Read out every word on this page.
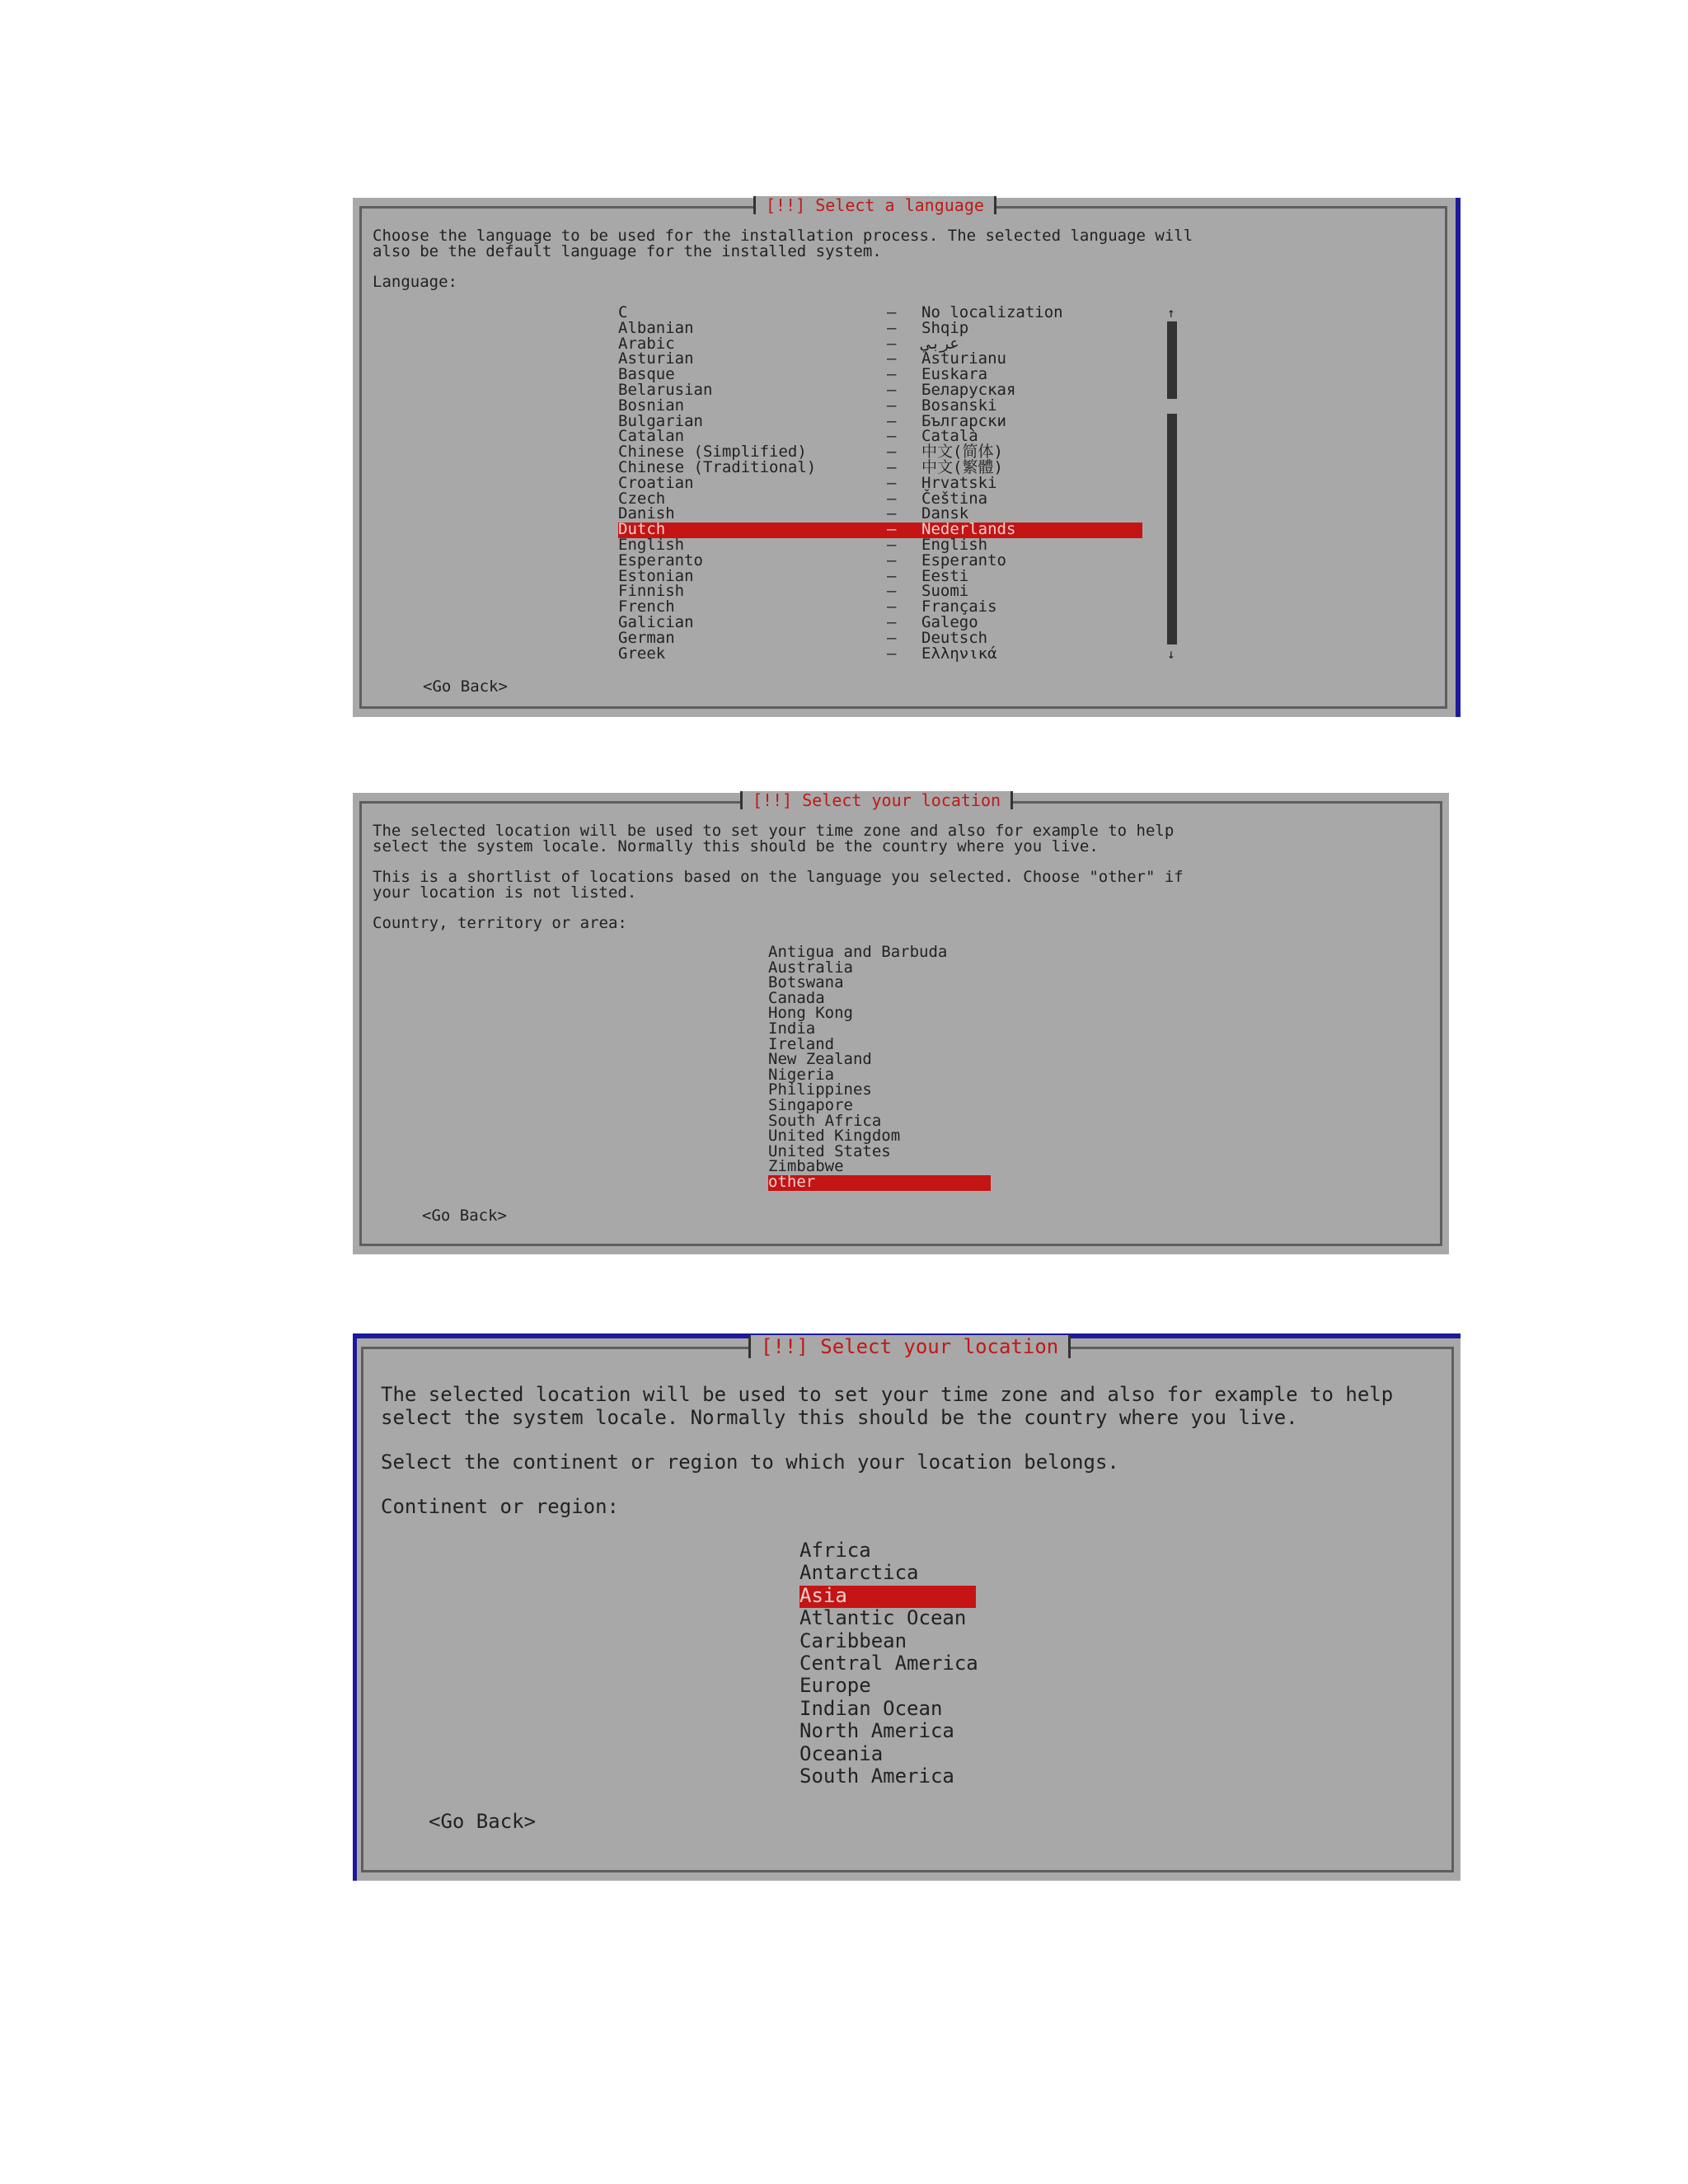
[!!] Select a language

Choose the language to be used for the installation process. The selected language will

also be the default language for the installed system.

Language:

C	– No localization
Albanian	– Shqip
Arabic	– عربي
Asturian	– Asturianu
Basque	– Euskara
Belarusian	– Беларуская
Bosnian	– Bosanski
Bulgarian	– Български
Catalan	– Català
Chinese (Simplified)	– 中文(简体)
Chinese (Traditional)	– 中文(繁體)
Croatian	– Hrvatski
Czech	– Čeština
Danish	– Dansk
Dutch	– Nederlands
English	– English
Esperanto	– Esperanto
Estonian	– Eesti
Finnish	– Suomi
French	– Français
Galician	– Galego
German	– Deutsch
Greek	– Ελληνικά
↑
↓
<Go Back>
[!!] Select your location

The selected location will be used to set your time zone and also for example to help

select the system locale. Normally this should be the country where you live.

This is a shortlist of locations based on the language you selected. Choose "other" if

your location is not listed.

Country, territory or area:

Antigua and Barbuda
Australia
Botswana
Canada
Hong Kong
India
Ireland
New Zealand
Nigeria
Philippines
Singapore
South Africa
United Kingdom
United States
Zimbabwe
other
<Go Back>
[!!] Select your location

The selected location will be used to set your time zone and also for example to help

select the system locale. Normally this should be the country where you live.

Select the continent or region to which your location belongs.

Continent or region:

Africa
Antarctica
Asia
Atlantic Ocean
Caribbean
Central America
Europe
Indian Ocean
North America
Oceania
South America
<Go Back>
